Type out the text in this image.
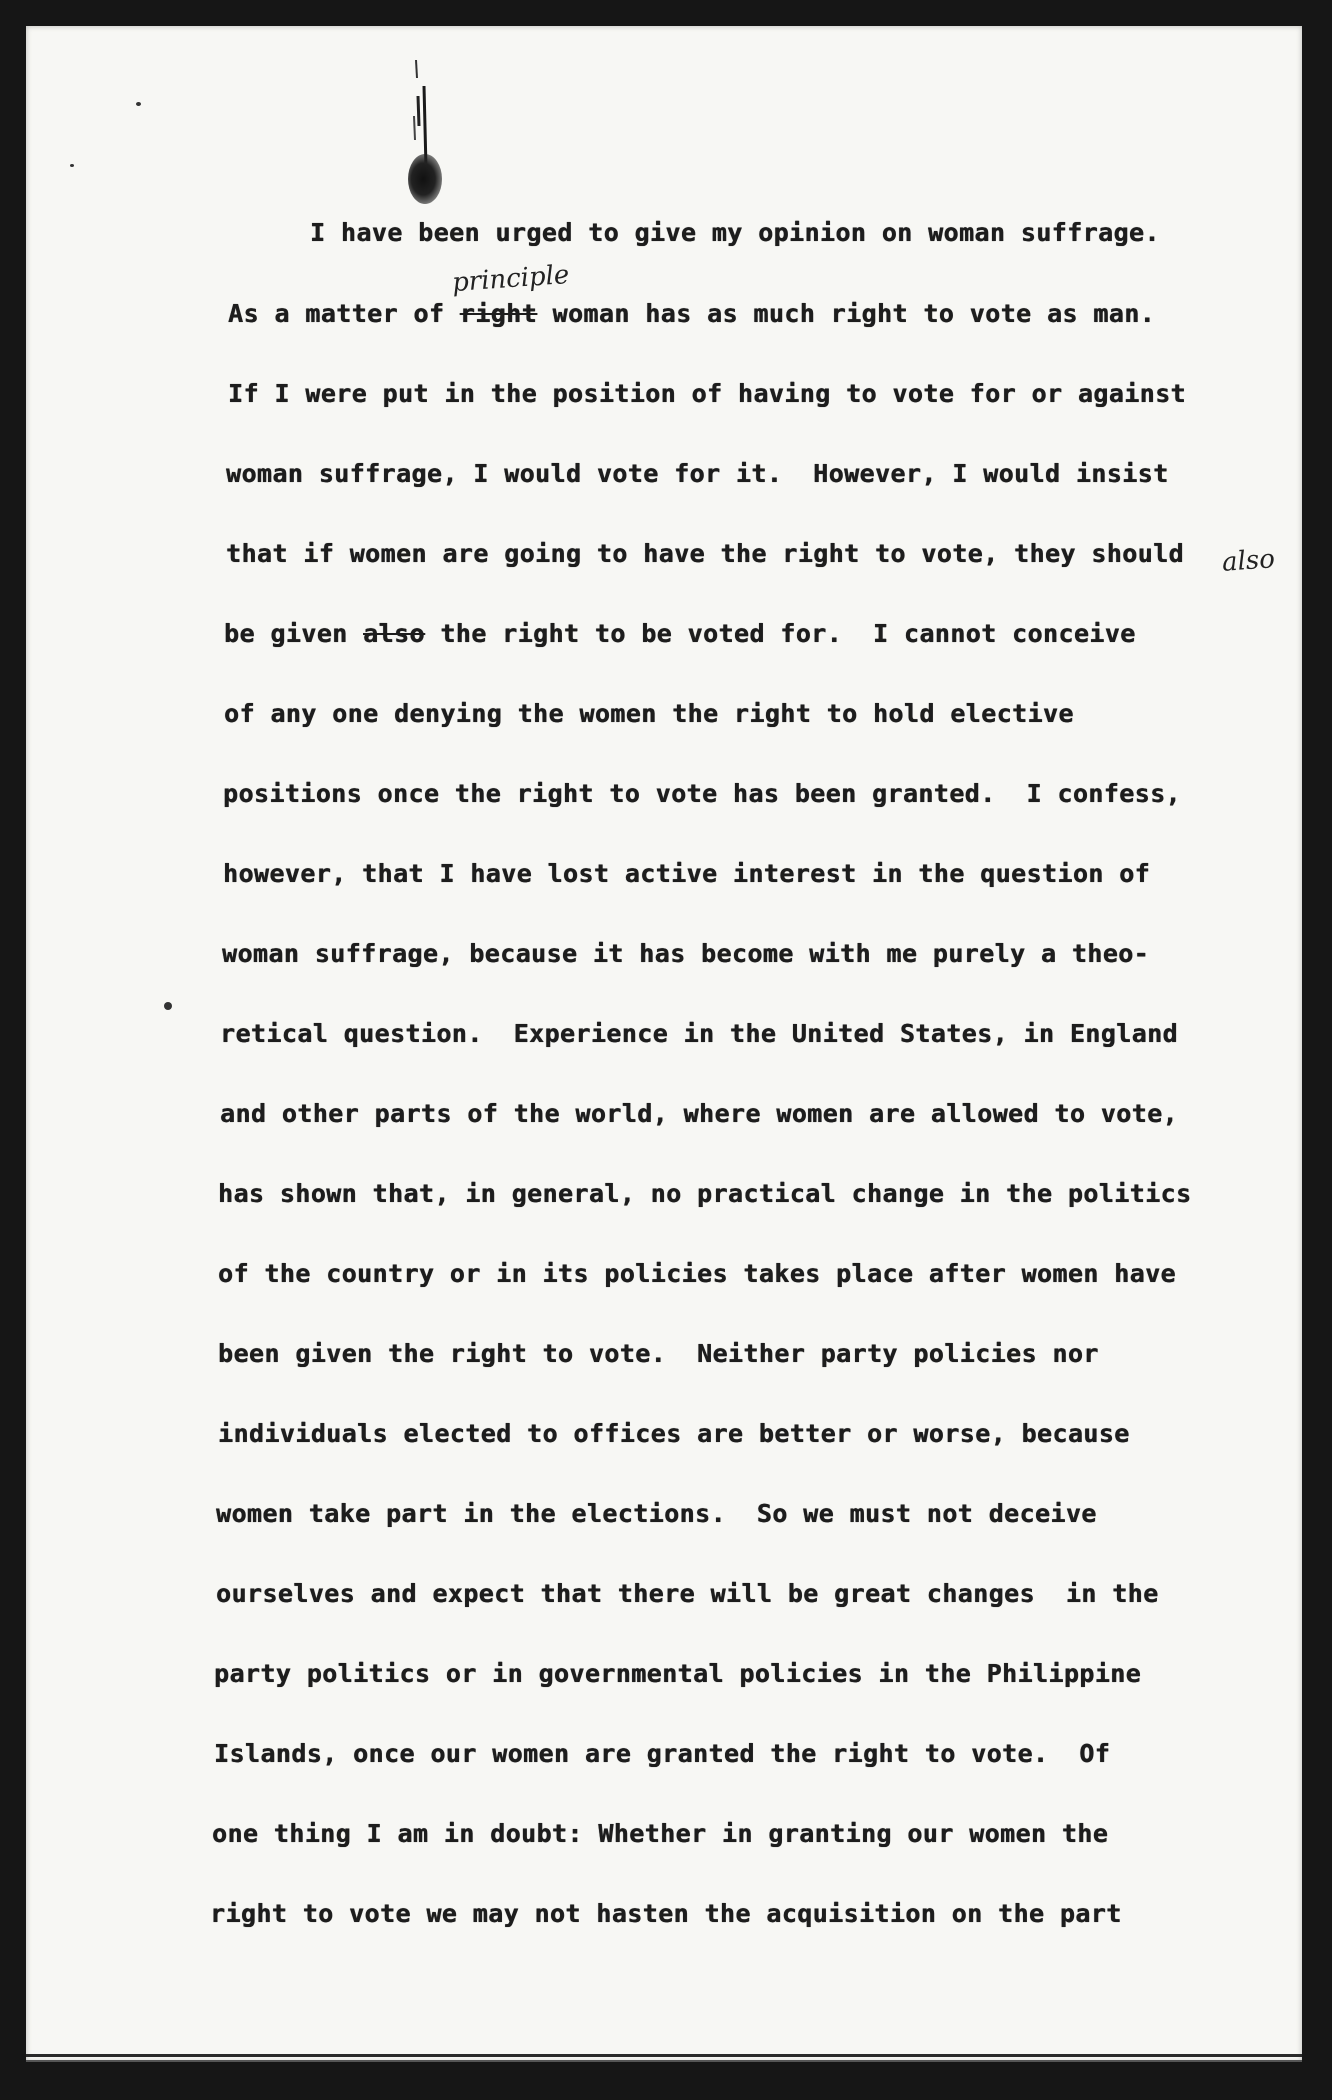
principle
also
I have been urged to give my opinion on woman suffrage.
As a matter of right woman has as much right to vote as man.
If I were put in the position of having to vote for or against
woman suffrage, I would vote for it.  However, I would insist
that if women are going to have the right to vote, they should
be given also the right to be voted for.  I cannot conceive
of any one denying the women the right to hold elective
positions once the right to vote has been granted.  I confess,
however, that I have lost active interest in the question of
woman suffrage, because it has become with me purely a theo-
retical question.  Experience in the United States, in England
and other parts of the world, where women are allowed to vote,
has shown that, in general, no practical change in the politics
of the country or in its policies takes place after women have
been given the right to vote.  Neither party policies nor
individuals elected to offices are better or worse, because
women take part in the elections.  So we must not deceive
ourselves and expect that there will be great changes  in the
party politics or in governmental policies in the Philippine
Islands, once our women are granted the right to vote.  Of
one thing I am in doubt: Whether in granting our women the
right to vote we may not hasten the acquisition on the part
